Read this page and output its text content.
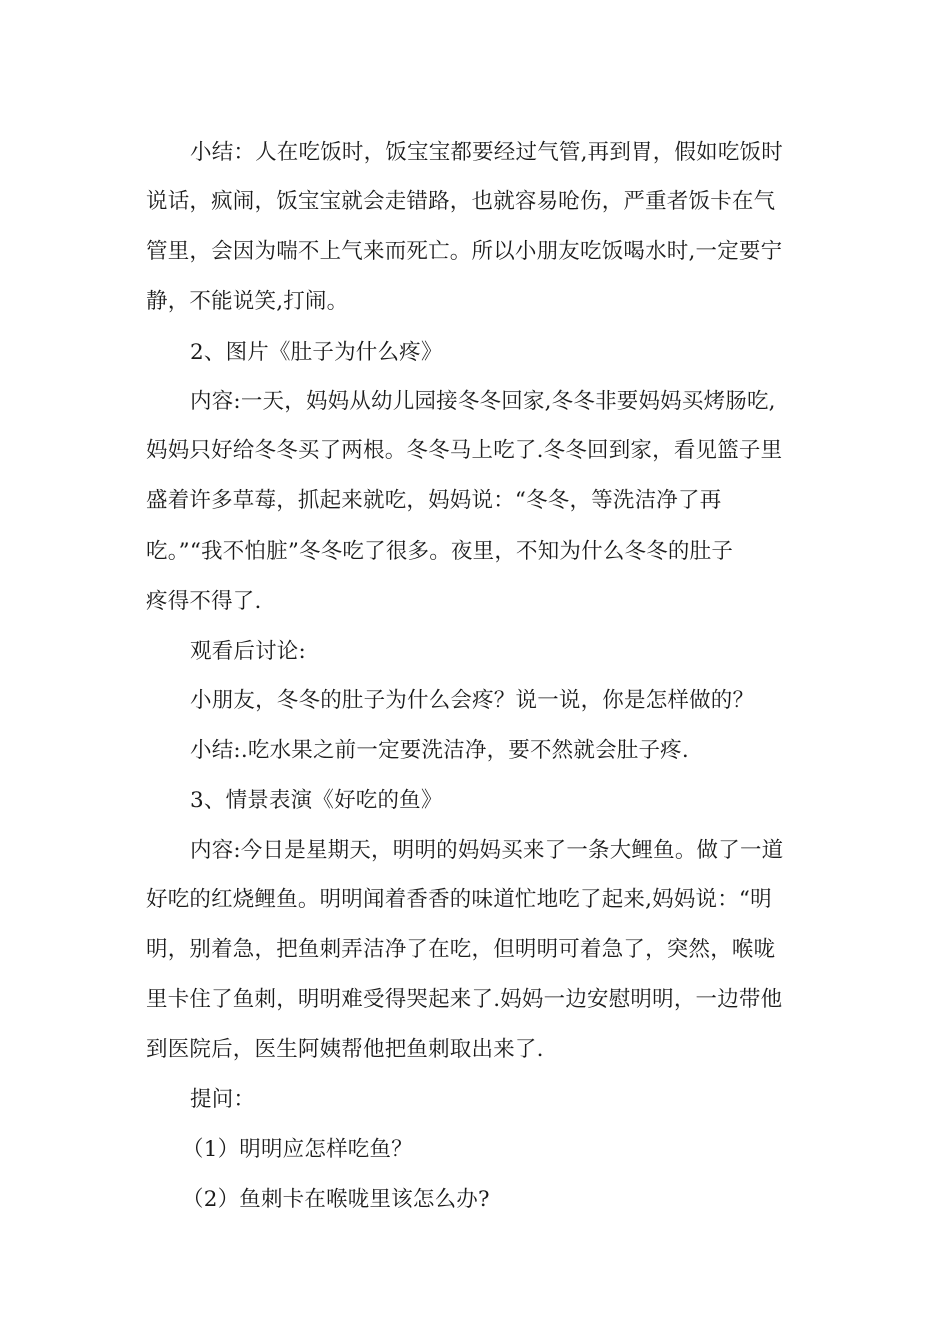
小结：人在吃饭时，饭宝宝都要经过气管,再到胃，假如吃饭时
说话，疯闹，饭宝宝就会走错路，也就容易呛伤，严重者饭卡在气
管里，会因为喘不上气来而死亡。所以小朋友吃饭喝水时,一定要宁
静，不能说笑,打闹。
2、图片《肚子为什么疼》
内容:一天，妈妈从幼儿园接冬冬回家,冬冬非要妈妈买烤肠吃,
妈妈只好给冬冬买了两根。冬冬马上吃了.冬冬回到家，看见篮子里
盛着许多草莓，抓起来就吃，妈妈说：“冬冬，等洗洁净了再
吃。”“我不怕脏”冬冬吃了很多。夜里，不知为什么冬冬的肚子
疼得不得了.
观看后讨论:
小朋友，冬冬的肚子为什么会疼？说一说，你是怎样做的？
小结:.吃水果之前一定要洗洁净，要不然就会肚子疼.
3、情景表演《好吃的鱼》
内容:今日是星期天，明明的妈妈买来了一条大鲤鱼。做了一道
好吃的红烧鲤鱼。明明闻着香香的味道忙地吃了起来,妈妈说：“明
明，别着急，把鱼刺弄洁净了在吃，但明明可着急了，突然，喉咙
里卡住了鱼刺，明明难受得哭起来了.妈妈一边安慰明明，一边带他
到医院后，医生阿姨帮他把鱼刺取出来了.
提问：
（1）明明应怎样吃鱼？
（2）鱼刺卡在喉咙里该怎么办?
